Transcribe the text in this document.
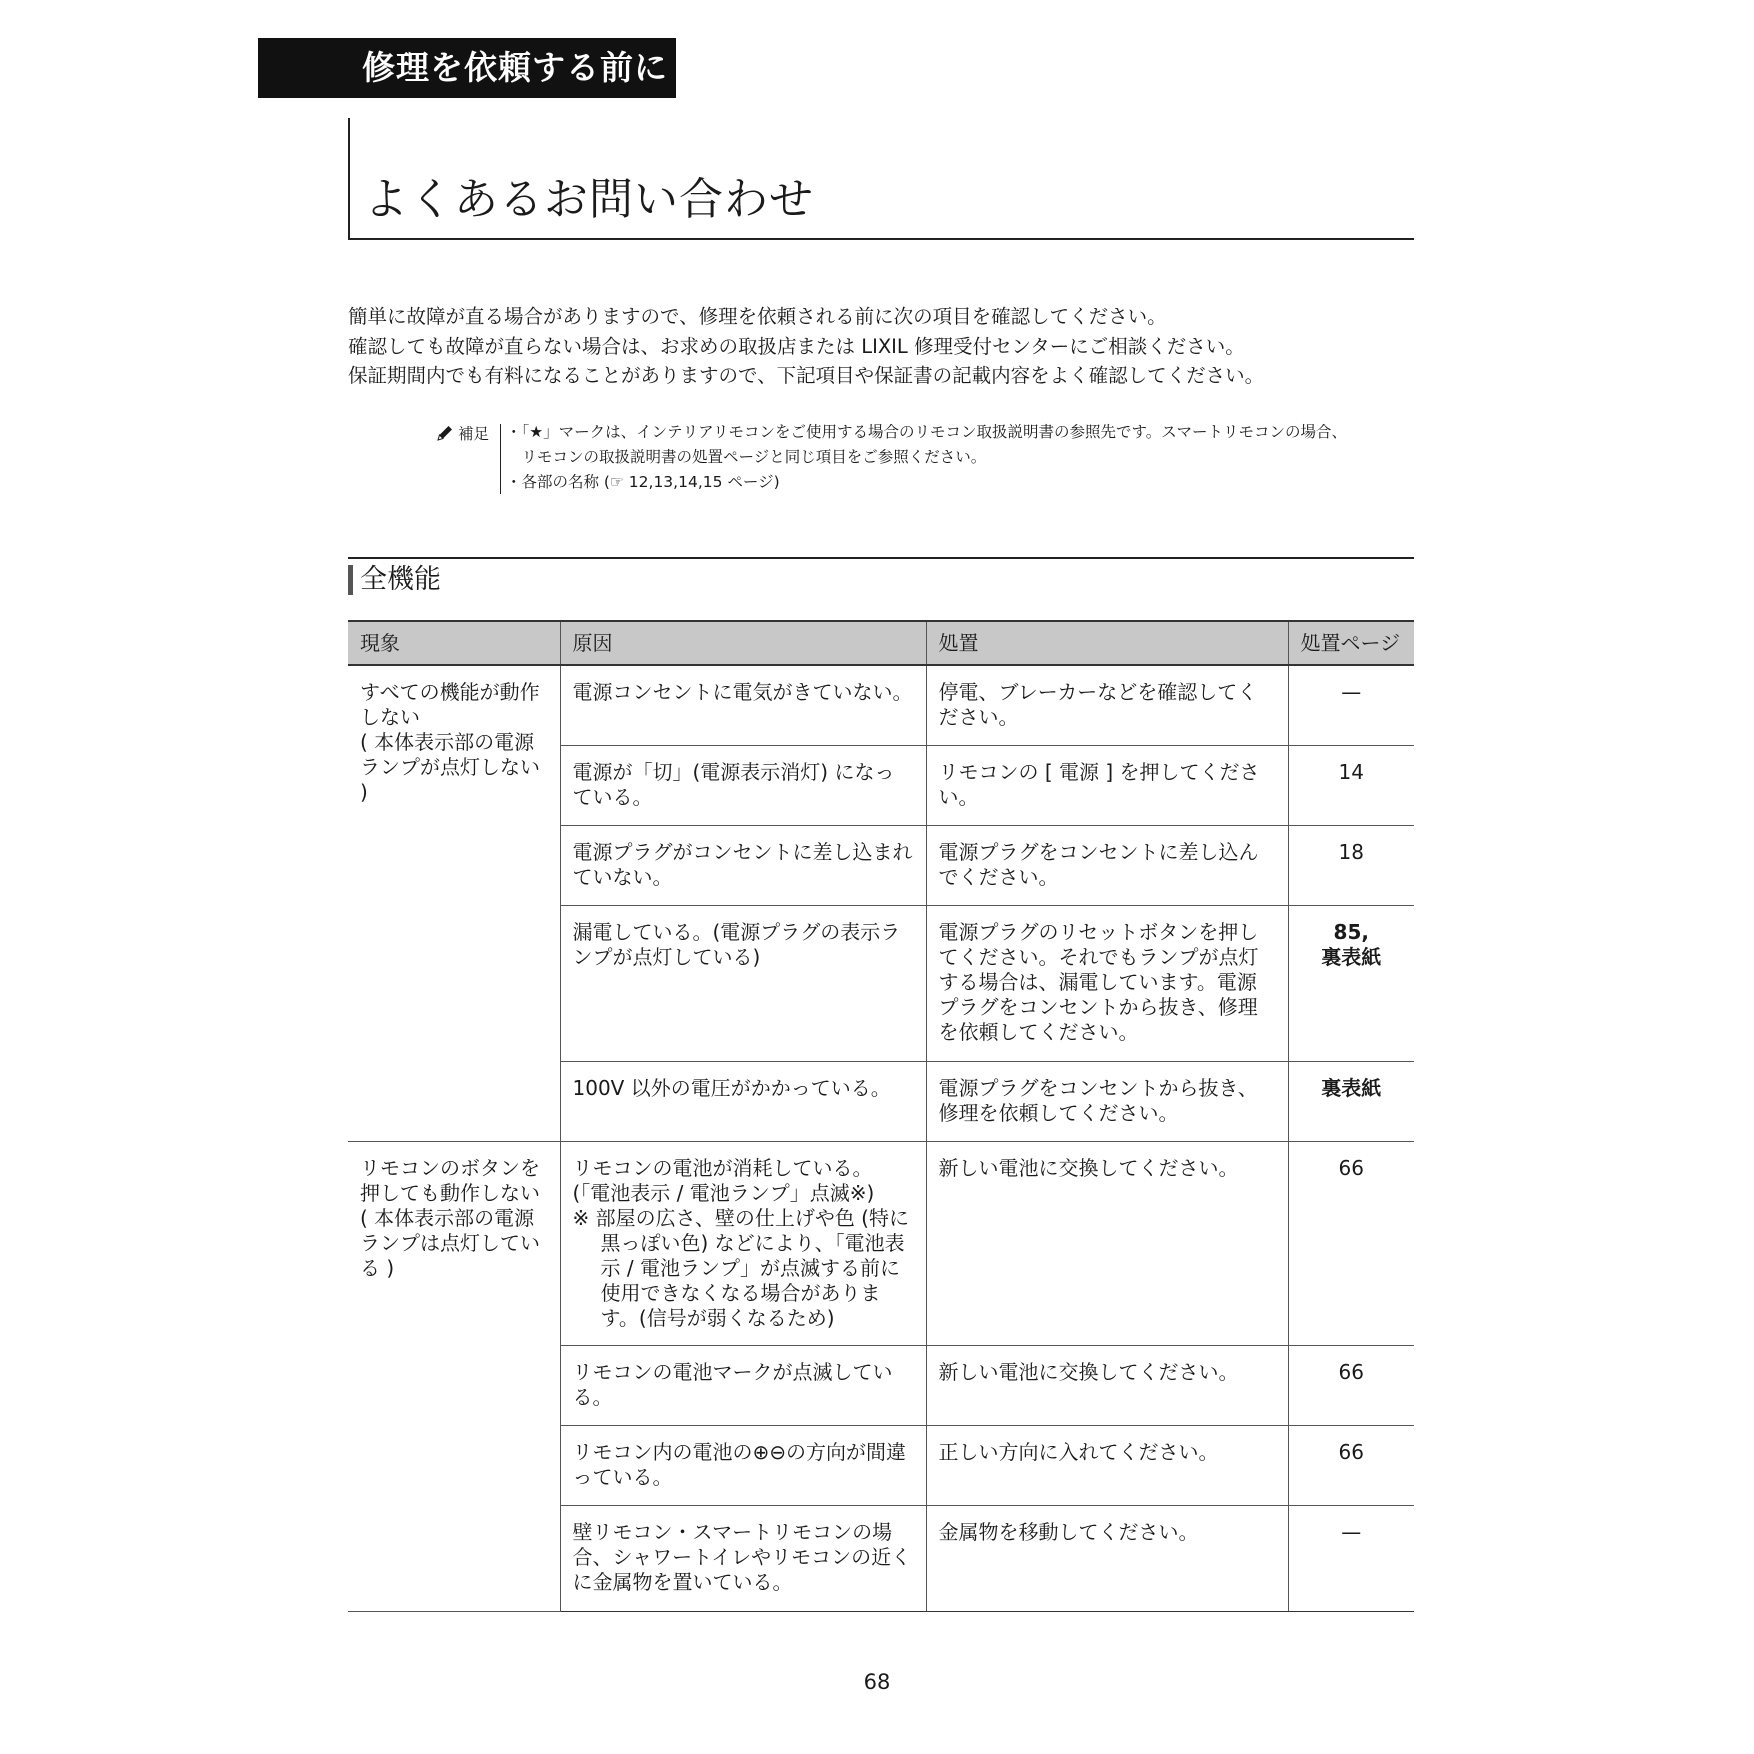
修理を依頼する前に
よくあるお問い合わせ
簡単に故障が直る場合がありますので、修理を依頼される前に次の項目を確認してください。
確認しても故障が直らない場合は、お求めの取扱店または LIXIL 修理受付センターにご相談ください。
保証期間内でも有料になることがありますので、下記項目や保証書の記載内容をよく確認してください。
補足 ・「★」マークは、インテリアリモコンをご使用する場合のリモコン取扱説明書の参照先です。スマートリモコンの場合、
　リモコンの取扱説明書の処置ページと同じ項目をご参照ください。
・各部の名称 (☞ 12,13,14,15 ページ)
全機能
現象	原因	処置	処置ページ
すべての機能が動作しない
( 本体表示部の電源ランプが点灯しない )	電源コンセントに電気がきていない。	停電、ブレーカーなどを確認してください。	—
	電源が「切」(電源表示消灯) になっている。	リモコンの [ 電源 ] を押してください。	14
	電源プラグがコンセントに差し込まれていない。	電源プラグをコンセントに差し込んでください。	18
	漏電している。(電源プラグの表示ランプが点灯している)	電源プラグのリセットボタンを押してください。それでもランプが点灯する場合は、漏電しています。電源プラグをコンセントから抜き、修理を依頼してください。	85,
裏表紙
	100V 以外の電圧がかかっている。	電源プラグをコンセントから抜き、修理を依頼してください。	裏表紙
リモコンのボタンを押しても動作しない
( 本体表示部の電源ランプは点灯している )	リモコンの電池が消耗している。
(「電池表示 / 電池ランプ」点滅※)
※ 部屋の広さ、壁の仕上げや色 (特に黒っぽい色) などにより、「電池表示 / 電池ランプ」が点滅する前に使用できなくなる場合があります。(信号が弱くなるため)	新しい電池に交換してください。	66
	リモコンの電池マークが点滅している。	新しい電池に交換してください。	66
	リモコン内の電池の⊕⊖の方向が間違っている。	正しい方向に入れてください。	66
	壁リモコン・スマートリモコンの場合、シャワートイレやリモコンの近くに金属物を置いている。	金属物を移動してください。	—
68
